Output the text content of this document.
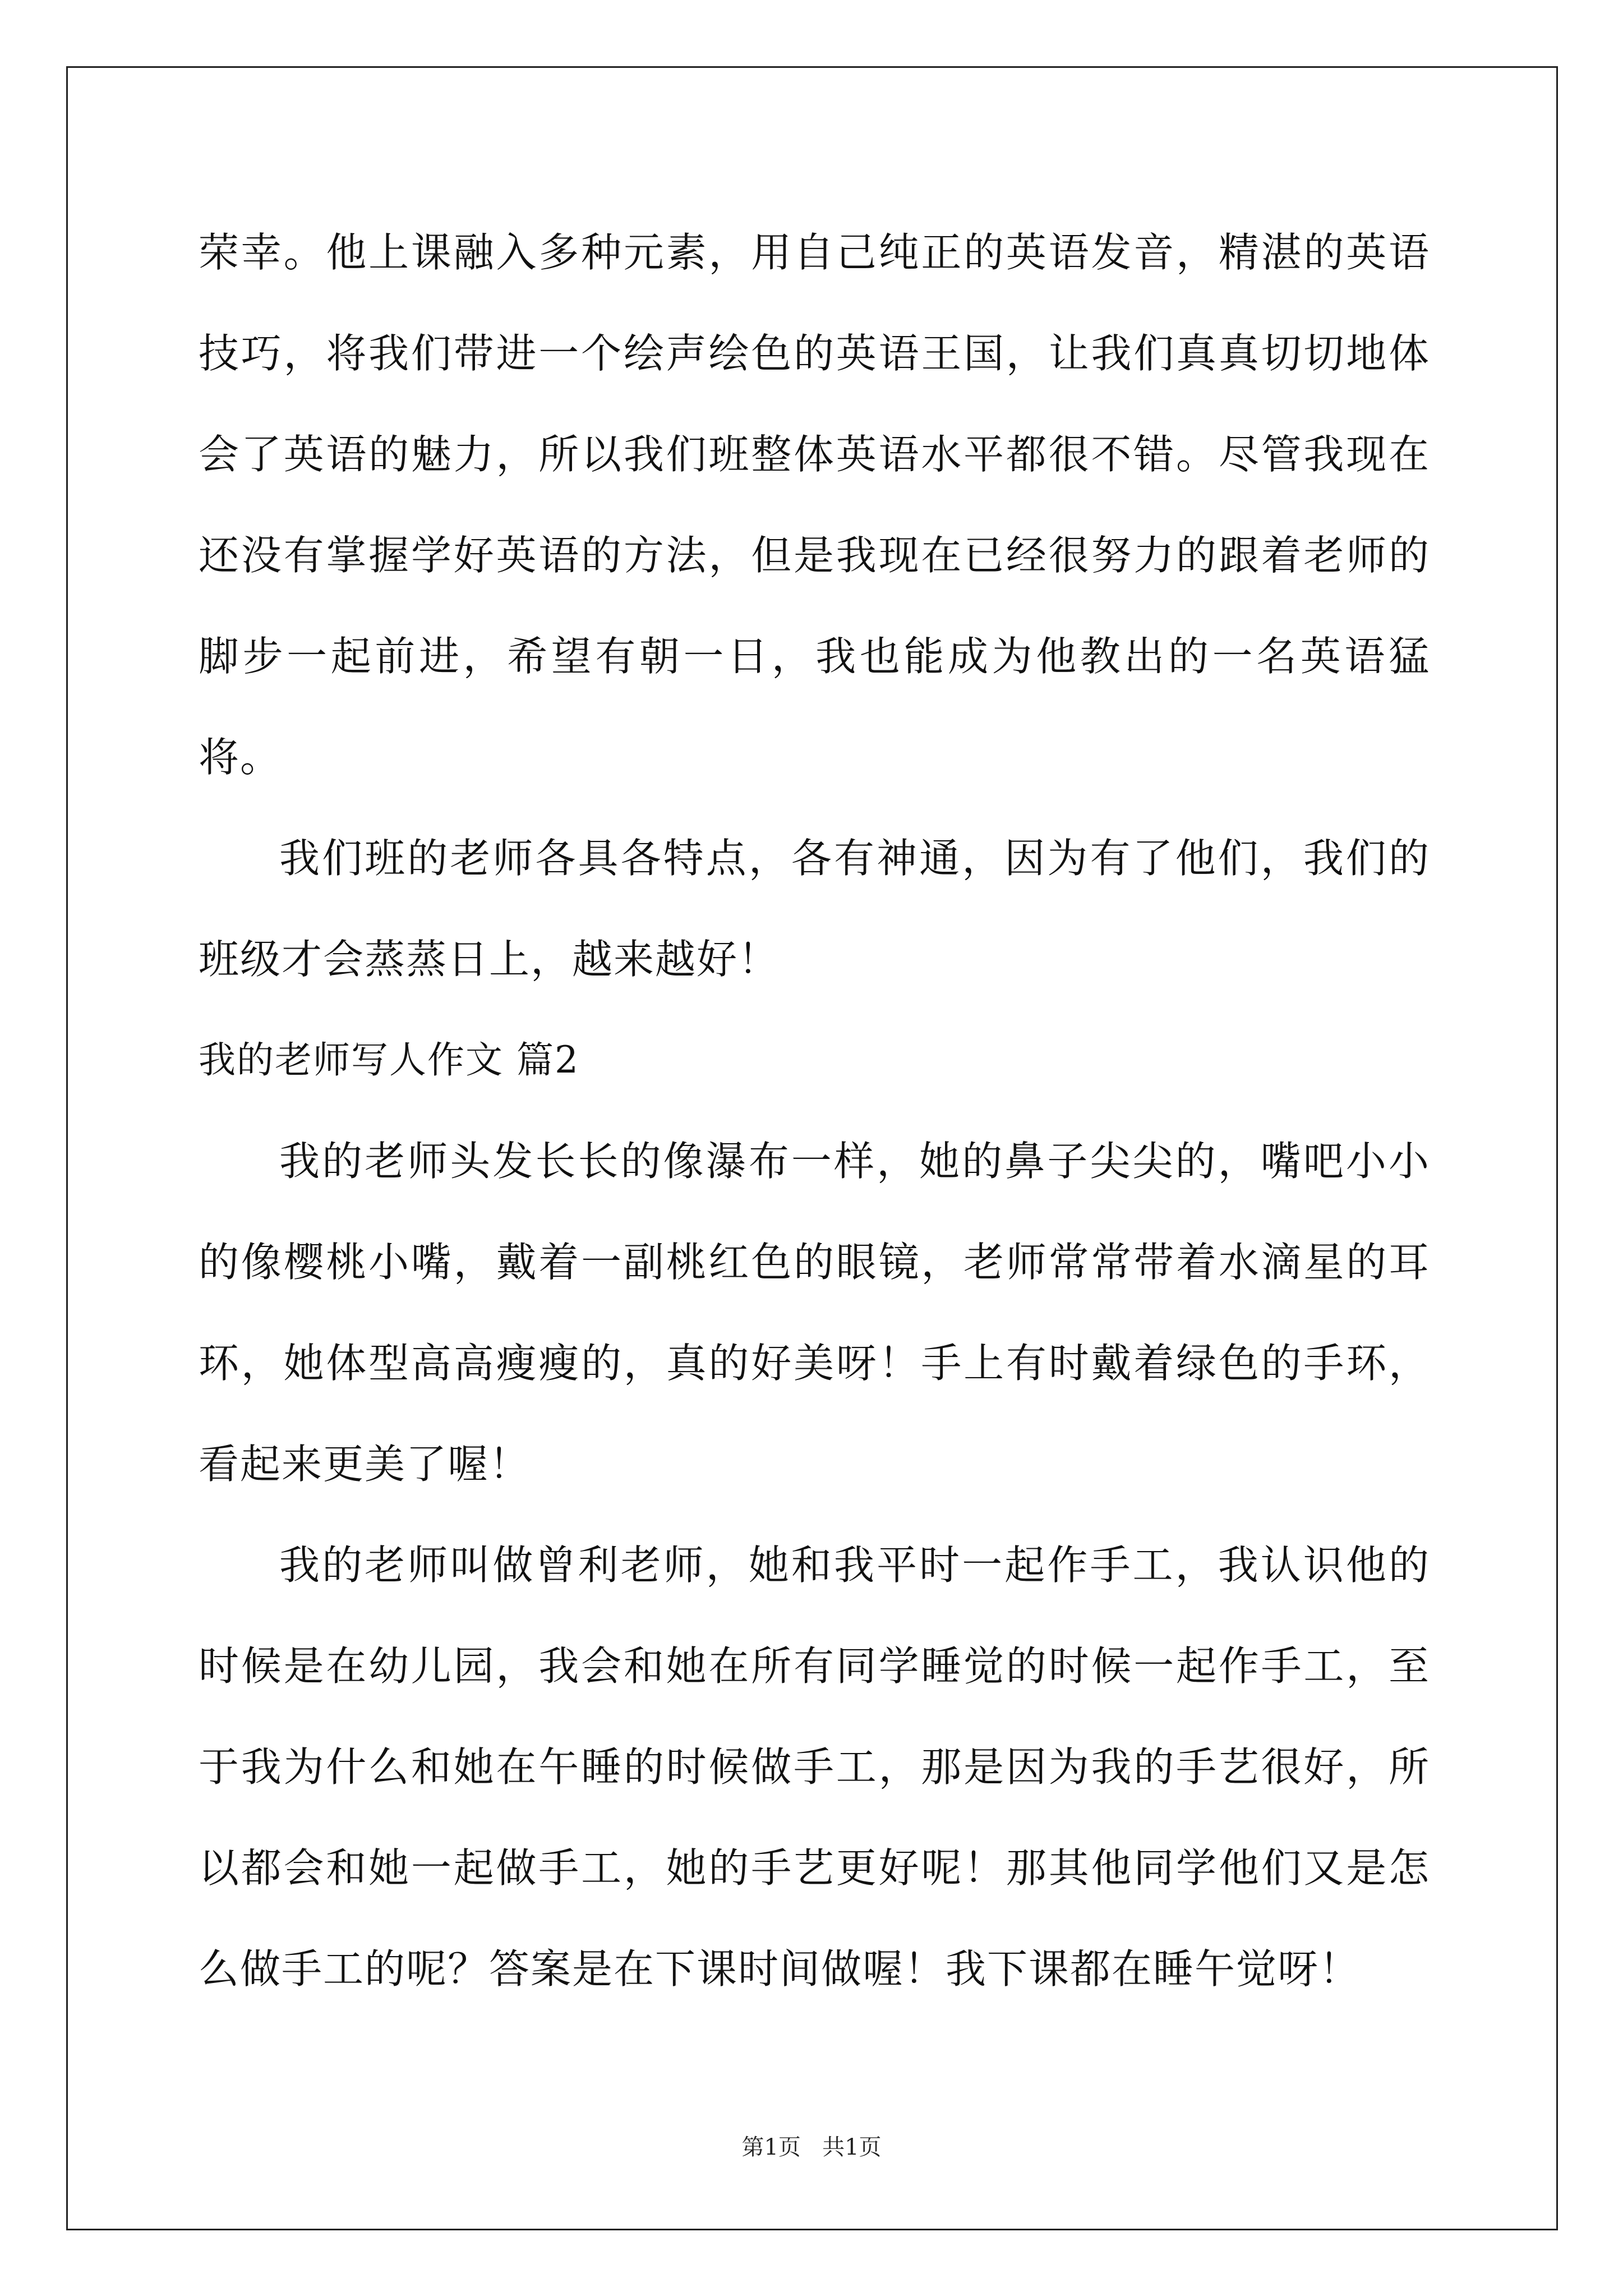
荣幸。他上课融入多种元素，用自己纯正的英语发音，精湛的英语技巧，将我们带进一个绘声绘色的英语王国，让我们真真切切地体会了英语的魅力，所以我们班整体英语水平都很不错。尽管我现在还没有掌握学好英语的方法，但是我现在已经很努力的跟着老师的脚步一起前进，希望有朝一日，我也能成为他教出的一名英语猛将。

我们班的老师各具各特点，各有神通，因为有了他们，我们的班级才会蒸蒸日上，越来越好！

我的老师写人作文 篇2

我的老师头发长长的像瀑布一样，她的鼻子尖尖的，嘴吧小小的像樱桃小嘴，戴着一副桃红色的眼镜，老师常常带着水滴星的耳环，她体型高高瘦瘦的，真的好美呀！手上有时戴着绿色的手环，看起来更美了喔！

我的老师叫做曾利老师，她和我平时一起作手工，我认识他的时候是在幼儿园，我会和她在所有同学睡觉的时候一起作手工，至于我为什么和她在午睡的时候做手工，那是因为我的手艺很好，所以都会和她一起做手工，她的手艺更好呢！那其他同学他们又是怎么做手工的呢？答案是在下课时间做喔！我下课都在睡午觉呀！

第1页 共1页
